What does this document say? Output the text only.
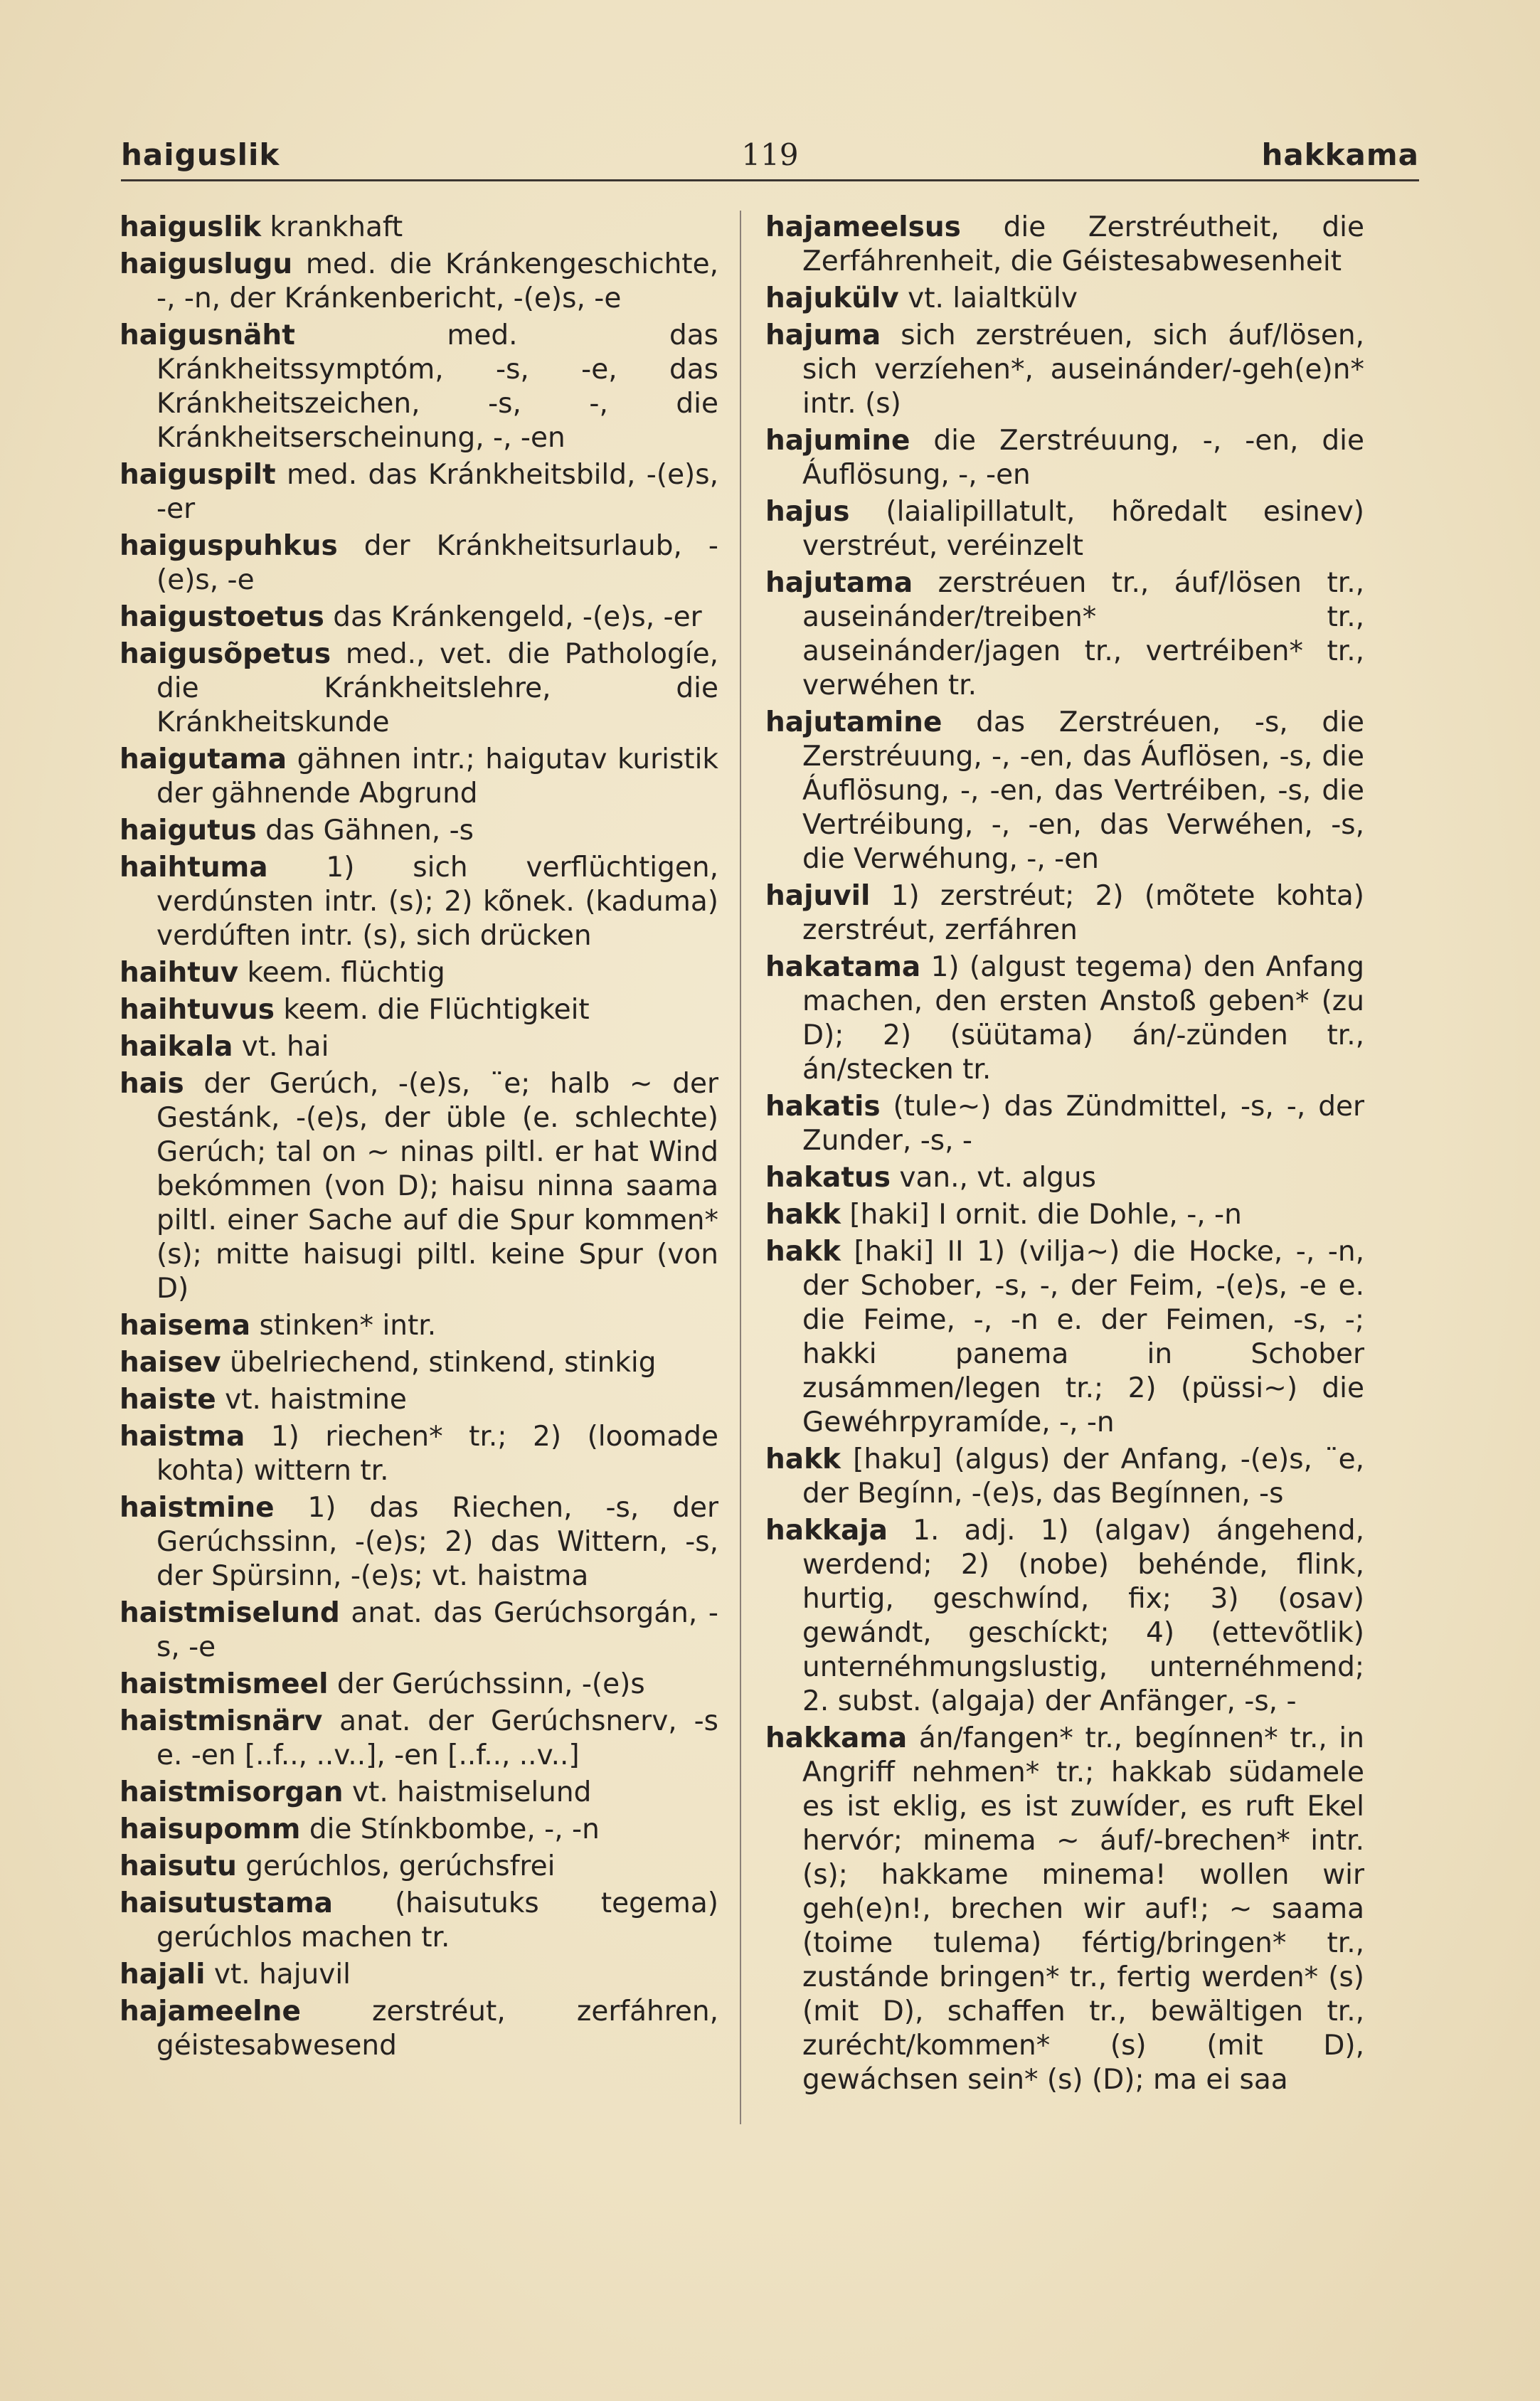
haiguslik	119	hakkama
haiguslik krankhaft
haiguslugu med. die Kránkengeschichte, -, -n, der Kránkenbericht, -(e)s, -e
haigusnäht med. das Kránkheitssymptóm, -s, -e, das Kránkheitszeichen, -s, -, die Kránkheitserscheinung, -, -en
haiguspilt med. das Kránkheitsbild, -(e)s, -er
haiguspuhkus der Kránkheitsurlaub, -(e)s, -e
haigustoetus das Kránkengeld, -(e)s, -er
haigusõpetus med., vet. die Pathologíe, die Kránkheitslehre, die Kránkheitskunde
haigutama gähnen intr.; haigutav kuristik der gähnende Abgrund
haigutus das Gähnen, -s
haihtuma 1) sich verflüchtigen, verdúnsten intr. (s); 2) kõnek. (kaduma) verdúften intr. (s), sich drücken
haihtuv keem. flüchtig
haihtuvus keem. die Flüchtigkeit
haikala vt. hai
hais der Gerúch, -(e)s, ¨e; halb ~ der Gestánk, -(e)s, der üble (e. schlechte) Gerúch; tal on ~ ninas piltl. er hat Wind bekómmen (von D); haisu ninna saama piltl. einer Sache auf die Spur kommen* (s); mitte haisugi piltl. keine Spur (von D)
haisema stinken* intr.
haisev übelriechend, stinkend, stinkig
haiste vt. haistmine
haistma 1) riechen* tr.; 2) (loomade kohta) wittern tr.
haistmine 1) das Riechen, -s, der Gerúchssinn, -(e)s; 2) das Wittern, -s, der Spürsinn, -(e)s; vt. haistma
haistmiselund anat. das Gerúchsorgán, -s, -e
haistmismeel der Gerúchssinn, -(e)s
haistmisnärv anat. der Gerúchsnerv, -s e. -en [..f.., ..v..], -en [..f.., ..v..]
haistmisorgan vt. haistmiselund
haisupomm die Stínkbombe, -, -n
haisutu gerúchlos, gerúchsfrei
haisutustama (haisutuks tegema) gerúchlos machen tr.
hajali vt. hajuvil
hajameelne zerstréut, zerfáhren, géistesabwesend
hajameelsus die Zerstréutheit, die Zerfáhrenheit, die Géistesabwesenheit
hajukülv vt. laialtkülv
hajuma sich zerstréuen, sich áuf/lösen, sich verzíehen*, auseinánder/-geh(e)n* intr. (s)
hajumine die Zerstréuung, -, -en, die Áuflösung, -, -en
hajus (laialipillatult, hõredalt esinev) verstréut, veréinzelt
hajutama zerstréuen tr., áuf/lösen tr., auseinánder/treiben* tr., auseinánder/jagen tr., vertréiben* tr., verwéhen tr.
hajutamine das Zerstréuen, -s, die Zerstréuung, -, -en, das Áuflösen, -s, die Áuflösung, -, -en, das Vertréiben, -s, die Vertréibung, -, -en, das Verwéhen, -s, die Verwéhung, -, -en
hajuvil 1) zerstréut; 2) (mõtete kohta) zerstréut, zerfáhren
hakatama 1) (algust tegema) den Anfang machen, den ersten Anstoß geben* (zu D); 2) (süütama) án/-zünden tr., án/stecken tr.
hakatis (tule~) das Zündmittel, -s, -, der Zunder, -s, -
hakatus van., vt. algus
hakk [haki] I ornit. die Dohle, -, -n
hakk [haki] II 1) (vilja~) die Hocke, -, -n, der Schober, -s, -, der Feim, -(e)s, -e e. die Feime, -, -n e. der Feimen, -s, -; hakki panema in Schober zusámmen/legen tr.; 2) (püssi~) die Gewéhrpyramíde, -, -n
hakk [haku] (algus) der Anfang, -(e)s, ¨e, der Begínn, -(e)s, das Begínnen, -s
hakkaja 1. adj. 1) (algav) ángehend, werdend; 2) (nobe) behénde, flink, hurtig, geschwínd, fix; 3) (osav) gewándt, geschíckt; 4) (ettevõtlik) unternéhmungslustig, unternéhmend; 2. subst. (algaja) der Anfänger, -s, -
hakkama án/fangen* tr., begínnen* tr., in Angriff nehmen* tr.; hakkab südamele es ist eklig, es ist zuwíder, es ruft Ekel hervór; minema ~ áuf/-brechen* intr. (s); hakkame minema! wollen wir geh(e)n!, brechen wir auf!; ~ saama (toime tulema) fértig/bringen* tr., zustánde bringen* tr., fertig werden* (s) (mit D), schaffen tr., bewältigen tr., zurécht/kommen* (s) (mit D), gewáchsen sein* (s) (D); ma ei saa
